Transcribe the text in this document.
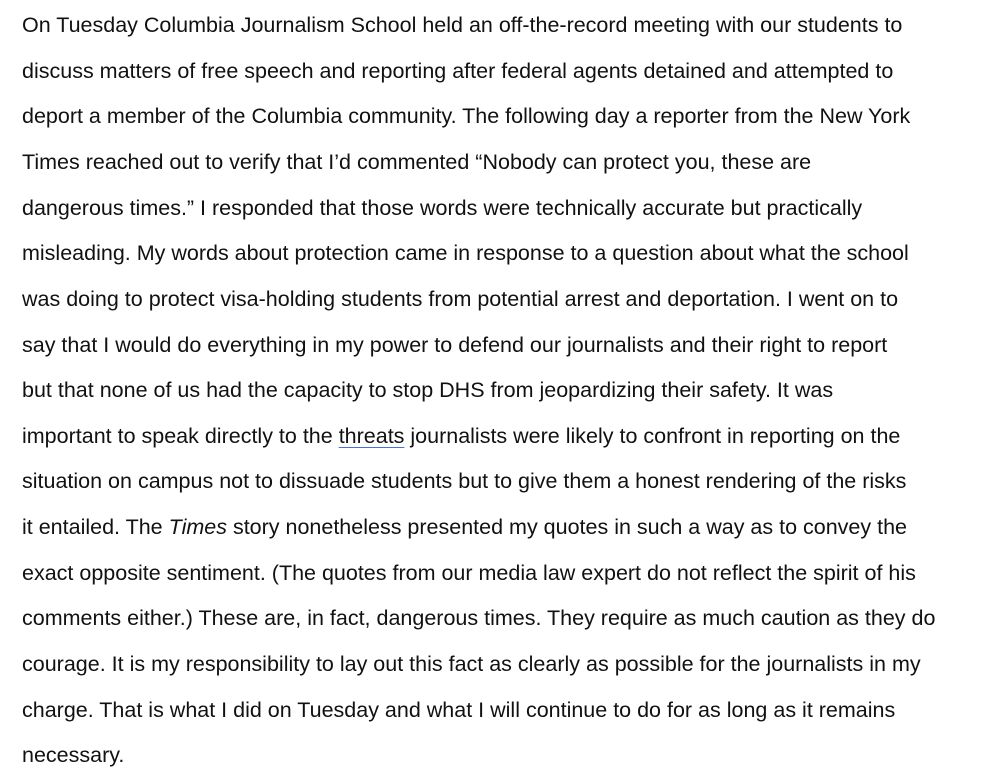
On Tuesday Columbia Journalism School held an off-the-record meeting with our students to
discuss matters of free speech and reporting after federal agents detained and attempted to
deport a member of the Columbia community. The following day a reporter from the New York
Times reached out to verify that I’d commented “Nobody can protect you, these are
dangerous times.” I responded that those words were technically accurate but practically
misleading. My words about protection came in response to a question about what the school
was doing to protect visa-holding students from potential arrest and deportation. I went on to
say that I would do everything in my power to defend our journalists and their right to report
but that none of us had the capacity to stop DHS from jeopardizing their safety. It was
important to speak directly to the threats journalists were likely to confront in reporting on the
situation on campus not to dissuade students but to give them a honest rendering of the risks
it entailed. The Times story nonetheless presented my quotes in such a way as to convey the
exact opposite sentiment. (The quotes from our media law expert do not reflect the spirit of his
comments either.) These are, in fact, dangerous times. They require as much caution as they do
courage. It is my responsibility to lay out this fact as clearly as possible for the journalists in my
charge. That is what I did on Tuesday and what I will continue to do for as long as it remains
necessary.
